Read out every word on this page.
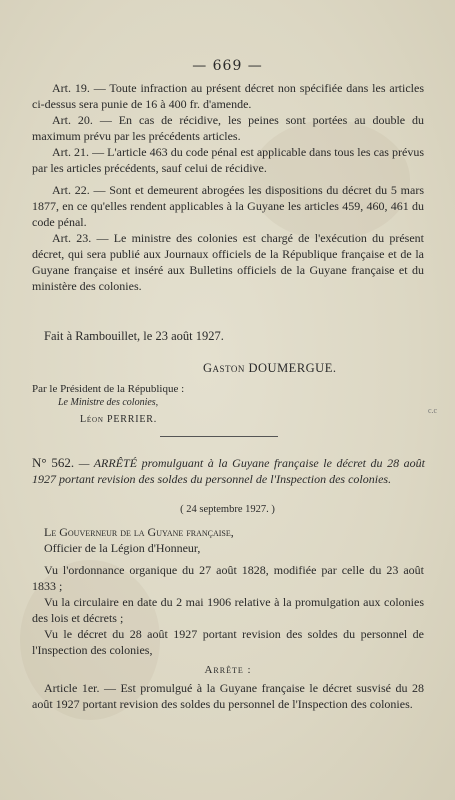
— 669 —

Art. 19. — Toute infraction au présent décret non spécifiée dans les articles ci-dessus sera punie de 16 à 400 fr. d'amende.

Art. 20. — En cas de récidive, les peines sont portées au double du maximum prévu par les précédents articles.

Art. 21. — L'article 463 du code pénal est applicable dans tous les cas prévus par les articles précédents, sauf celui de récidive.

Art. 22. — Sont et demeurent abrogées les dispositions du décret du 5 mars 1877, en ce qu'elles rendent applicables à la Guyane les articles 459, 460, 461 du code pénal.

Art. 23. — Le ministre des colonies est chargé de l'exécution du présent décret, qui sera publié aux Journaux officiels de la République française et de la Guyane française et inséré aux Bulletins officiels de la Guyane française et du ministère des colonies.

Fait à Rambouillet, le 23 août 1927.
Gaston DOUMERGUE.
Par le Président de la République :
Le Ministre des colonies,
Léon PERRIER.
c.c
N° 562. — ARRÊTÉ promulguant à la Guyane française le décret du 28 août 1927 portant revision des soldes du personnel de l'Inspection des colonies.
( 24 septembre 1927. )

Le Gouverneur de la Guyane française,

Officier de la Légion d'Honneur,

Vu l'ordonnance organique du 27 août 1828, modifiée par celle du 23 août 1833 ;

Vu la circulaire en date du 2 mai 1906 relative à la promulgation aux colonies des lois et décrets ;

Vu le décret du 28 août 1927 portant revision des soldes du personnel de l'Inspection des colonies,

Arrête :

Article 1er. — Est promulgué à la Guyane française le décret susvisé du 28 août 1927 portant revision des soldes du personnel de l'Inspection des colonies.
